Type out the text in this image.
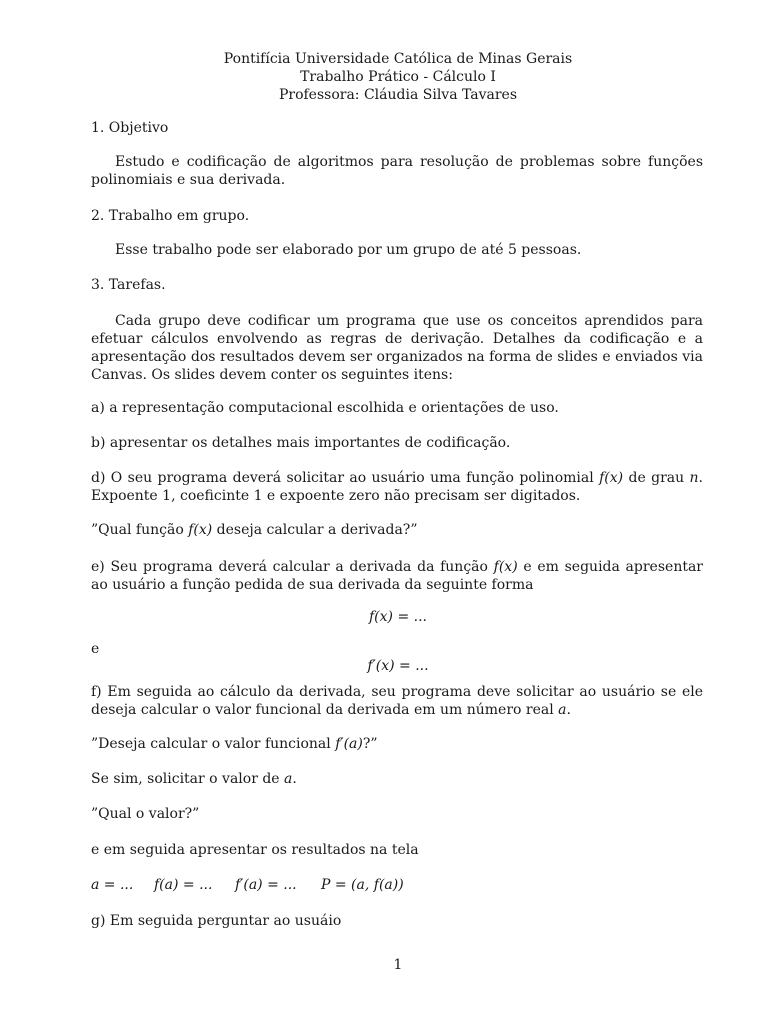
Pontifícia Universidade Católica de Minas Gerais
Trabalho Prático - Cálculo I
Professora: Cláudia Silva Tavares
1. Objetivo
Estudo e codificação de algoritmos para resolução de problemas sobre funções polinomiais e sua derivada.
2. Trabalho em grupo.
Esse trabalho pode ser elaborado por um grupo de até 5 pessoas.
3. Tarefas.
Cada grupo deve codificar um programa que use os conceitos aprendidos para efetuar cálculos envolvendo as regras de derivação. Detalhes da codificação e a apresentação dos resultados devem ser organizados na forma de slides e enviados via Canvas. Os slides devem conter os seguintes itens:
a) a representação computacional escolhida e orientações de uso.
b) apresentar os detalhes mais importantes de codificação.
d) O seu programa deverá solicitar ao usuário uma função polinomial f(x) de grau n. Expoente 1, coeficinte 1 e expoente zero não precisam ser digitados.
”Qual função f(x) deseja calcular a derivada?”
e) Seu programa deverá calcular a derivada da função f(x) e em seguida apresentar ao usuário a função pedida de sua derivada da seguinte forma
f(x) = ...
e
f′(x) = ...
f) Em seguida ao cálculo da derivada, seu programa deve solicitar ao usuário se ele deseja calcular o valor funcional da derivada em um número real a.
”Deseja calcular o valor funcional f′(a)?”
Se sim, solicitar o valor de a.
”Qual o valor?”
e em seguida apresentar os resultados na tela
a = ... f(a) = ... f′(a) = ... P = (a, f(a))
g) Em seguida perguntar ao usuáio
1
